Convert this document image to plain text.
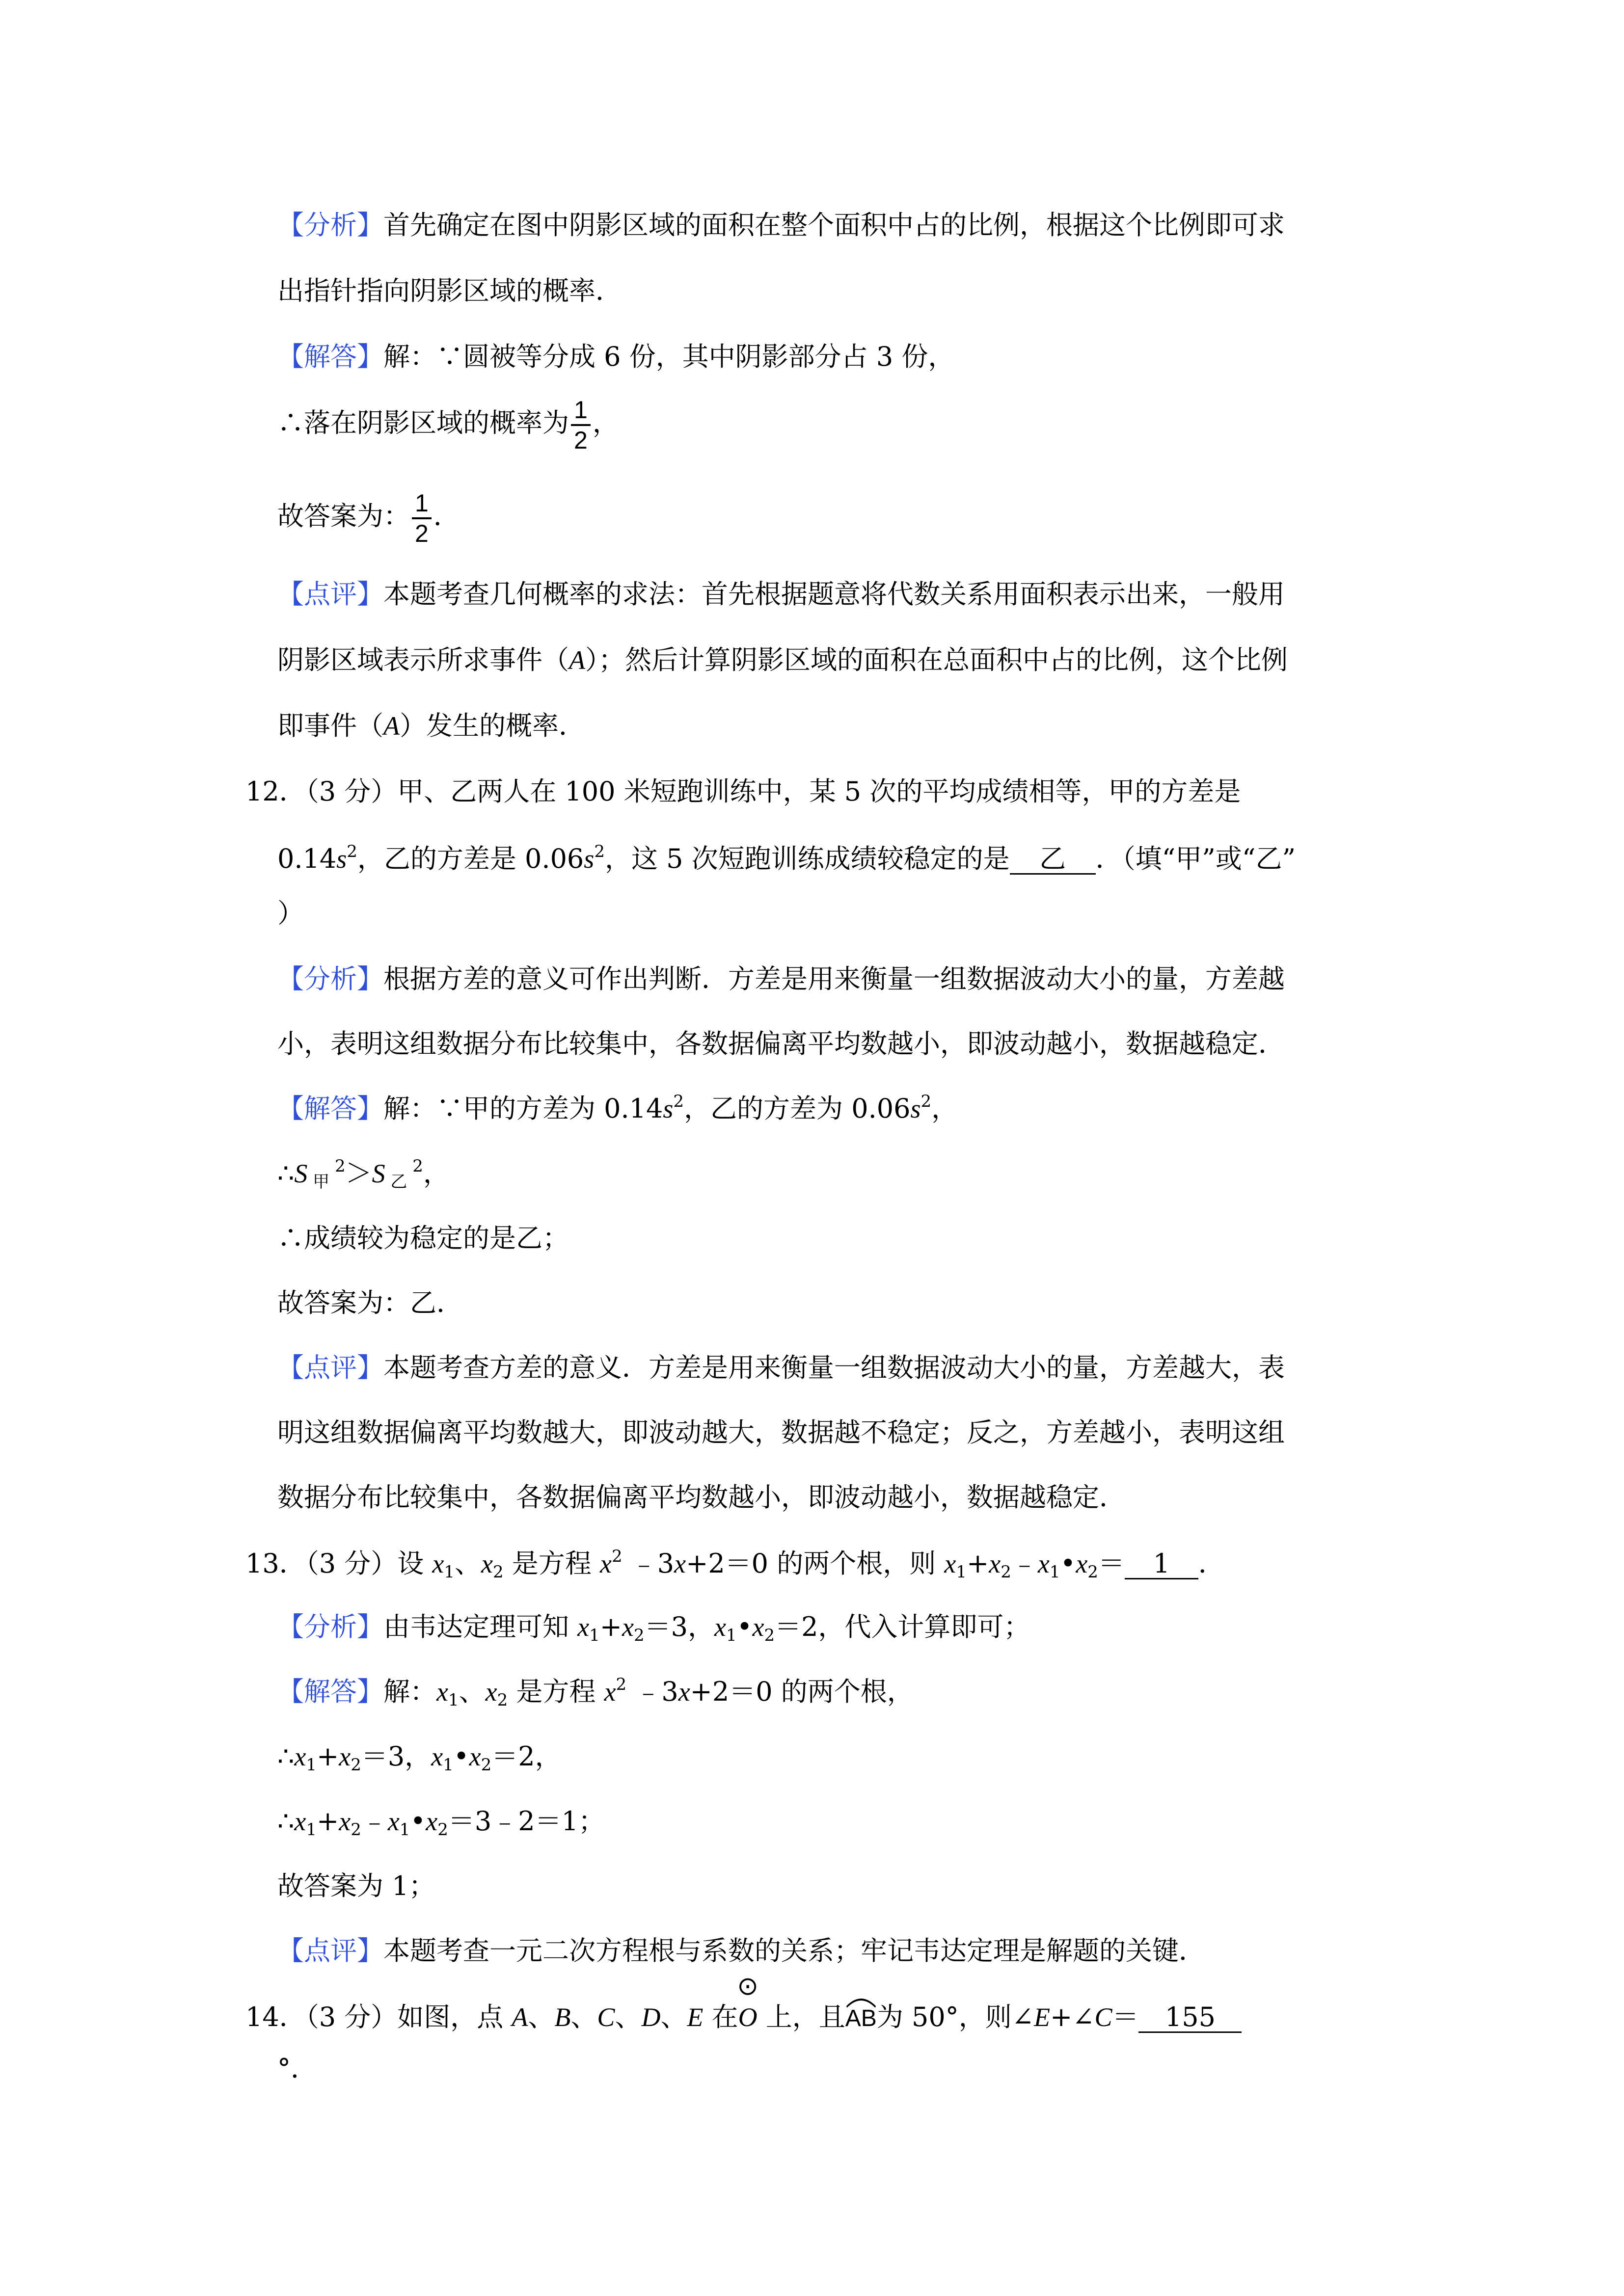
【分析】首先确定在图中阴影区域的面积在整个面积中占的比例，根据这个比例即可求
出指针指向阴影区域的概率．
【解答】解：∵圆被等分成 6 份，其中阴影部分占 3 份，
∴落在阴影区域的概率为 $\frac{1}{2}$ ，
故答案为： $\frac{1}{2}$ ．
【点评】本题考查几何概率的求法：首先根据题意将代数关系用面积表示出来，一般用
阴影区域表示所求事件（A）；然后计算阴影区域的面积在总面积中占的比例，这个比例
即事件（A）发生的概率．
12．（3 分）甲、乙两人在 100 米短跑训练中，某 5 次的平均成绩相等，甲的方差是
$0.14s^2$，乙的方差是 $0.06s^2$，这 5 次短跑训练成绩较稳定的是 乙 ．（填“甲”或“乙”
）
【分析】根据方差的意义可作出判断．方差是用来衡量一组数据波动大小的量，方差越
小，表明这组数据分布比较集中，各数据偏离平均数越小，即波动越小，数据越稳定．
【解答】解：∵甲的方差为 $0.14s^2$，乙的方差为 $0.06s^2$，
∴S $_甲$ $^2$＞S $_乙$ $^2$，
∴成绩较为稳定的是乙；
故答案为：乙．
【点评】本题考查方差的意义．方差是用来衡量一组数据波动大小的量，方差越大，表
明这组数据偏离平均数越大，即波动越大，数据越不稳定；反之，方差越小，表明这组
数据分布比较集中，各数据偏离平均数越小，即波动越小，数据越稳定．
13．（3 分）设 $x_1$、$x_2$ 是方程 $x^2$ ﹣3x+2＝0 的两个根，则 $x_1+x_2﹣x_1•x_2= 1$ ．
【分析】由韦达定理可知 $x_1+x_2=3$，$x_1•x_2=2$，代入计算即可；
【解答】解：$x_1$、$x_2$ 是方程 $x^2$ ﹣3x+2＝0 的两个根，
$\therefore x_1+x_2=3$，$x_1•x_2=2$，
$\therefore x_1+x_2﹣x_1•x_2=3﹣2=1$；
故答案为 1；
【点评】本题考查一元二次方程根与系数的关系；牢记韦达定理是解题的关键．
14．（3 分）如图，点 A、B、C、D、E 在
⊙
O 上，且
AB为 50°，则∠E+∠C＝ 155
°．
